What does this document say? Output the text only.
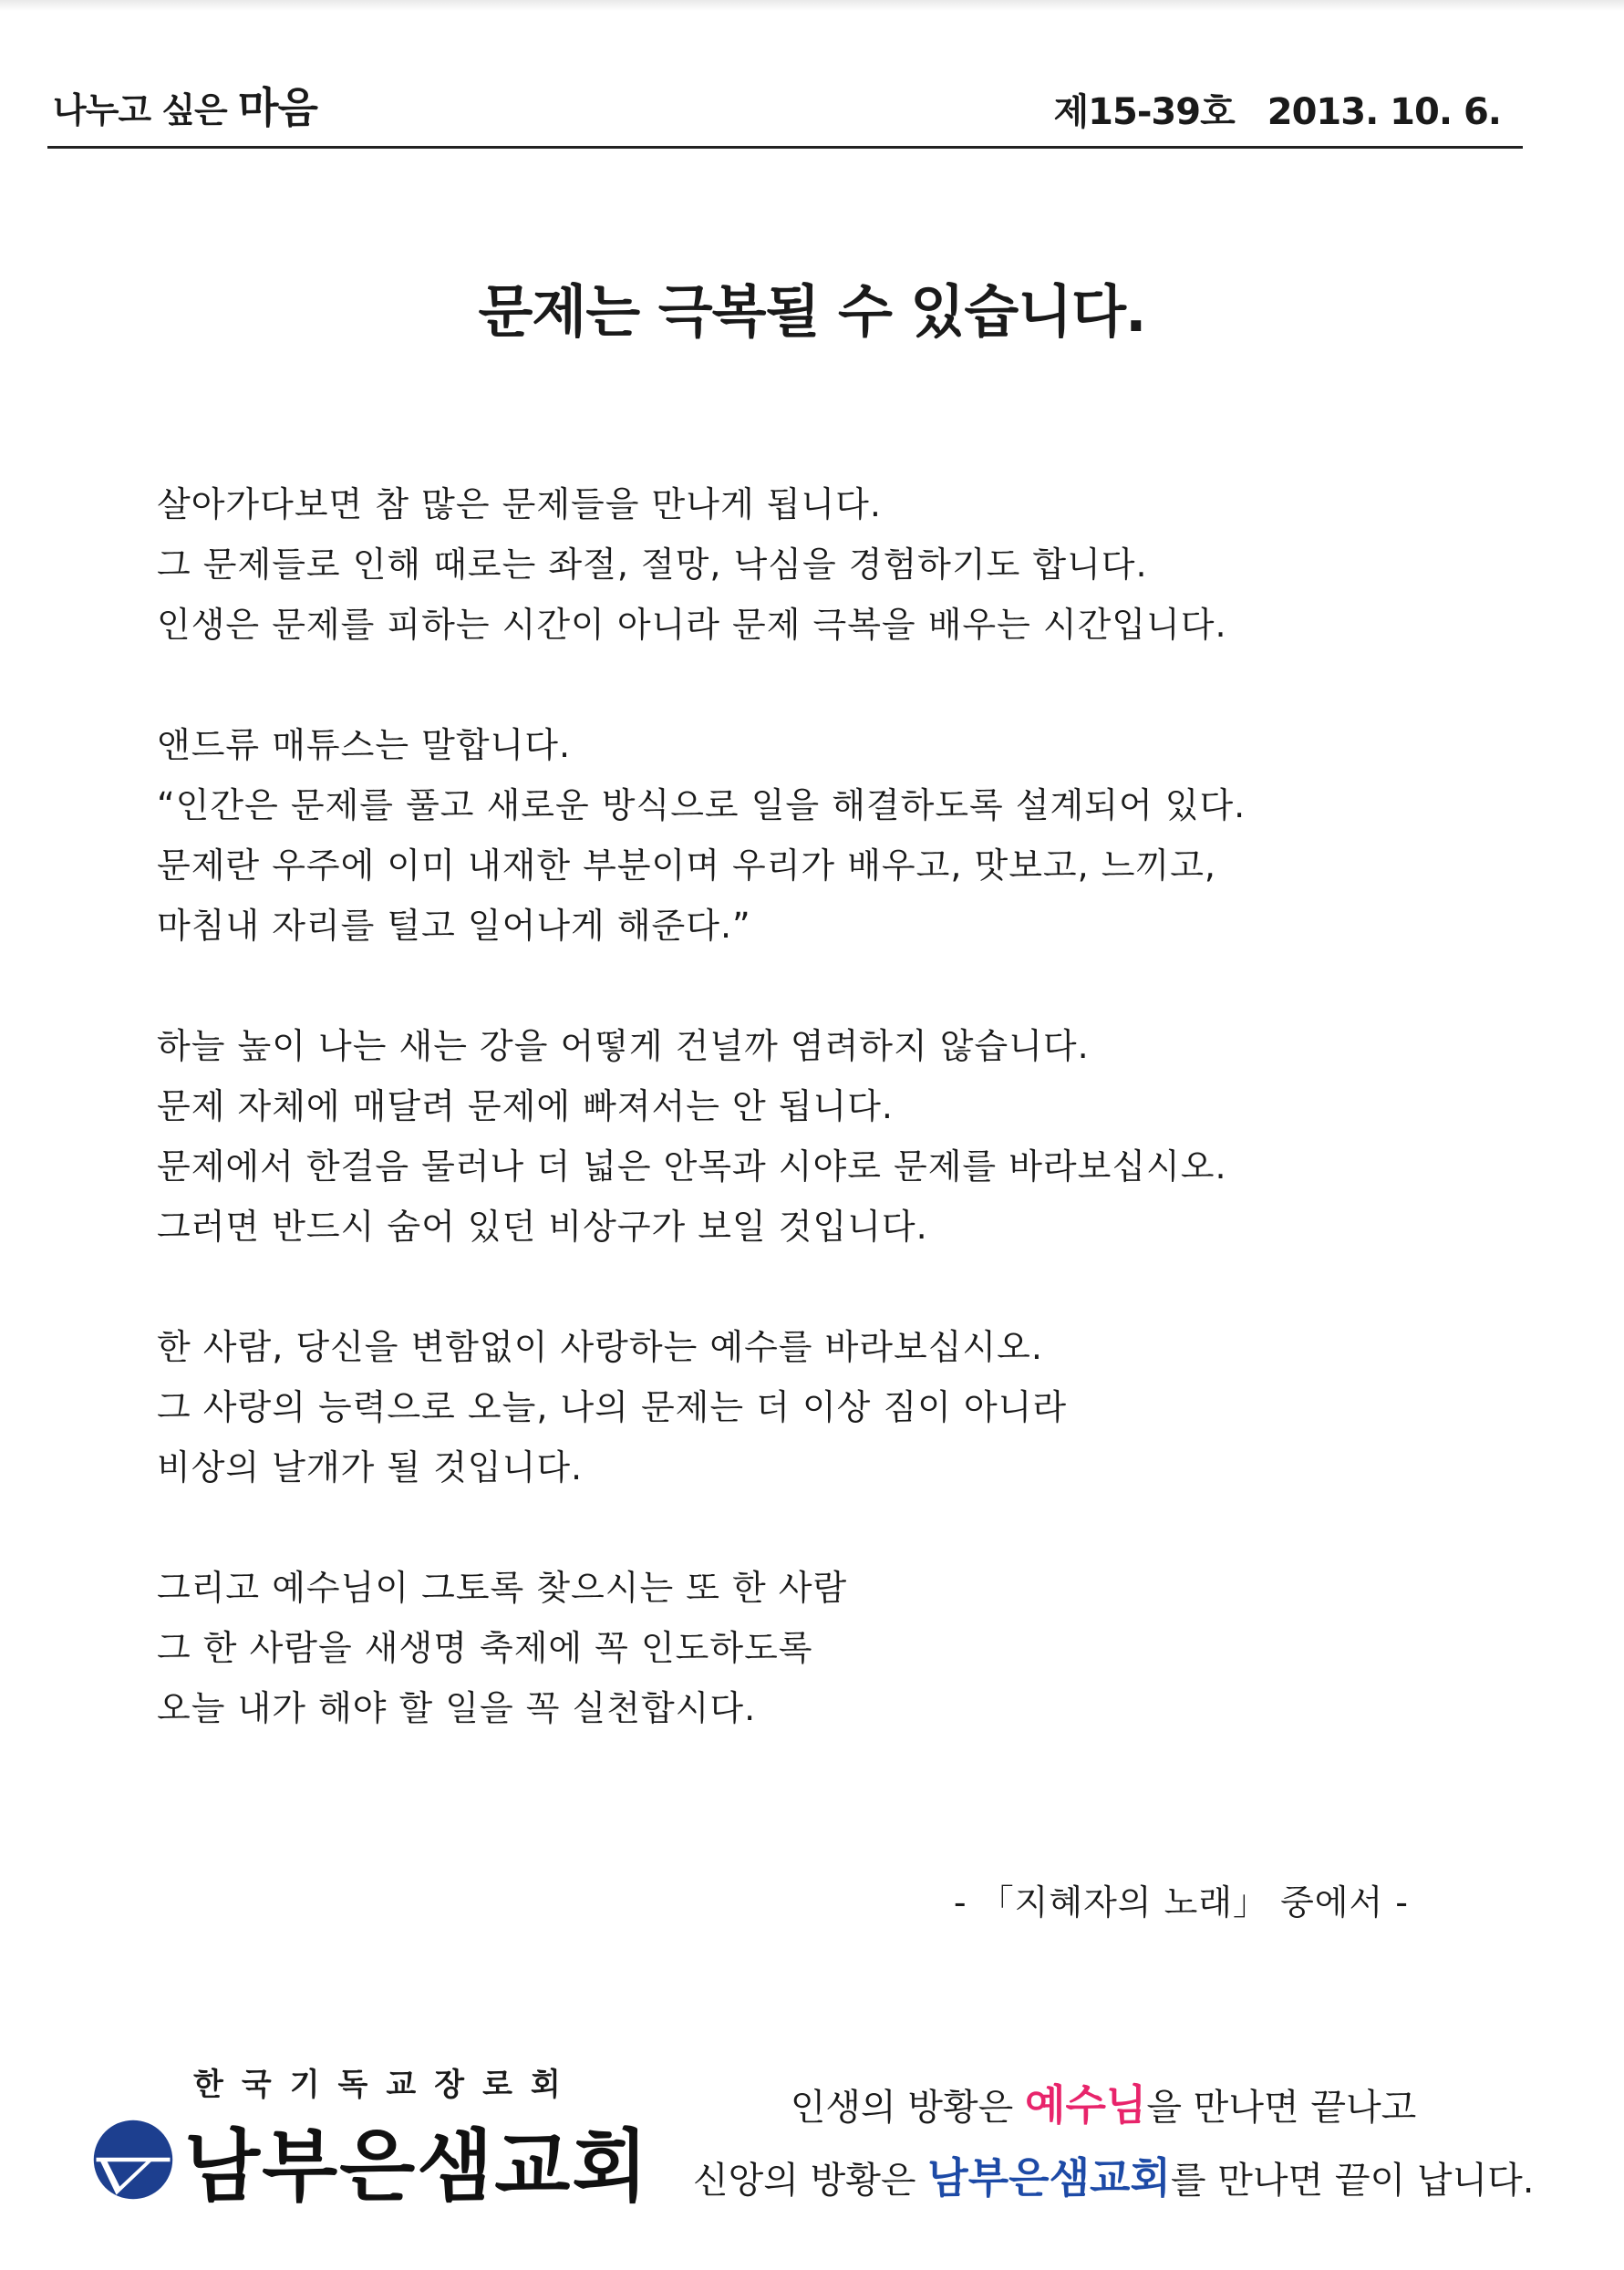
나누고 싶은 마음	제15-39호 2013. 10. 6.
문제는 극복될 수 있습니다.
살아가다보면 참 많은 문제들을 만나게 됩니다.
그 문제들로 인해 때로는 좌절, 절망, 낙심을 경험하기도 합니다.
인생은 문제를 피하는 시간이 아니라 문제 극복을 배우는 시간입니다.
앤드류 매튜스는 말합니다.
“인간은 문제를 풀고 새로운 방식으로 일을 해결하도록 설계되어 있다.
문제란 우주에 이미 내재한 부분이며 우리가 배우고, 맛보고, 느끼고,
마침내 자리를 털고 일어나게 해준다.”
하늘 높이 나는 새는 강을 어떻게 건널까 염려하지 않습니다.
문제 자체에 매달려 문제에 빠져서는 안 됩니다.
문제에서 한걸음 물러나 더 넓은 안목과 시야로 문제를 바라보십시오.
그러면 반드시 숨어 있던 비상구가 보일 것입니다.
한 사람, 당신을 변함없이 사랑하는 예수를 바라보십시오.
그 사랑의 능력으로 오늘, 나의 문제는 더 이상 짐이 아니라
비상의 날개가 될 것입니다.
그리고 예수님이 그토록 찾으시는 또 한 사람
그 한 사람을 새생명 축제에 꼭 인도하도록
오늘 내가 해야 할 일을 꼭 실천합시다.
- 「지혜자의 노래」 중에서 -
한국기독교장로회
남부은샘교회
인생의 방황은 예수님을 만나면 끝나고
신앙의 방황은 남부은샘교회를 만나면 끝이 납니다.
